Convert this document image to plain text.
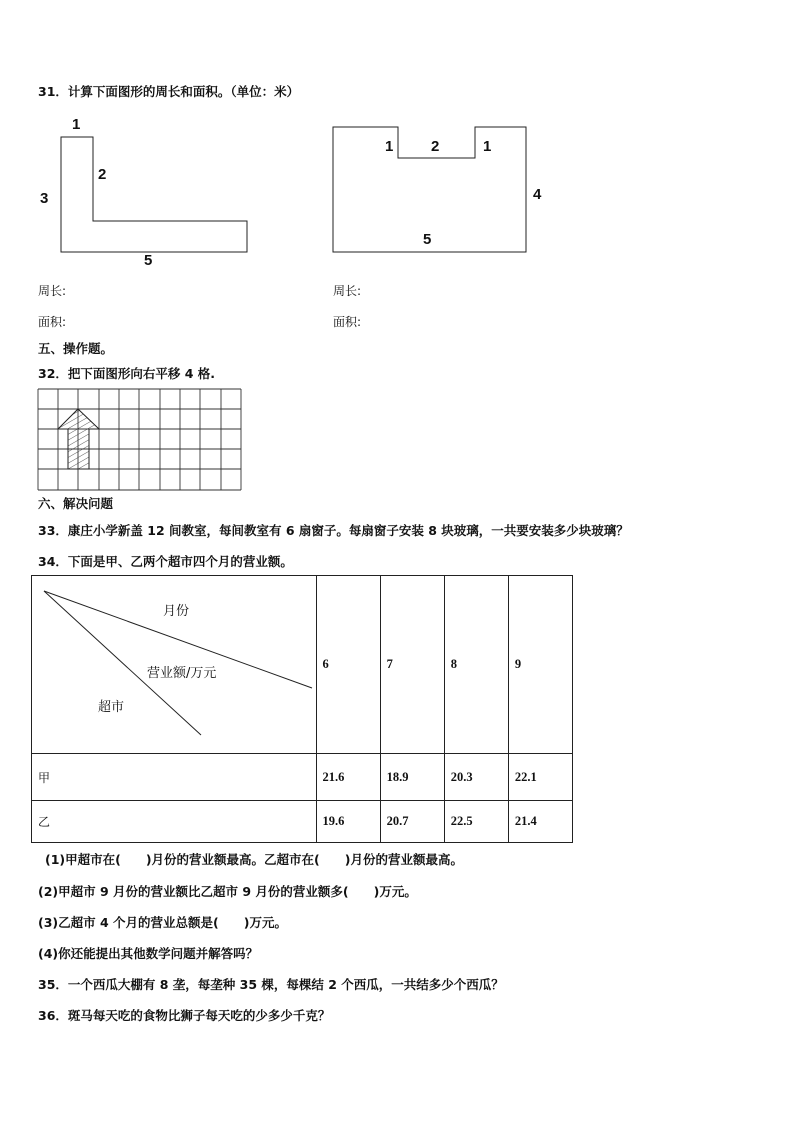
31．计算下面图形的周长和面积。（单位：米）
1
2
3
5
1	2	1
4
5
周长:	周长:
面积:	面积:
五、操作题。
32．把下面图形向右平移 4 格.
六、解决问题
33．康庄小学新盖 12 间教室，每间教室有 6 扇窗子。每扇窗子安装 8 块玻璃，一共要安装多少块玻璃？
34．下面是甲、乙两个超市四个月的营业额。
	6	7	8	9
甲	21.6	18.9	20.3	22.1
乙	19.6	20.7	22.5	21.4
月份
营业额/万元
超市
(1)甲超市在(　　)月份的营业额最高。乙超市在(　　)月份的营业额最高。
(2)甲超市 9 月份的营业额比乙超市 9 月份的营业额多(　　)万元。
(3)乙超市 4 个月的营业总额是(　　)万元。
(4)你还能提出其他数学问题并解答吗？
35．一个西瓜大棚有 8 垄，每垄种 35 棵，每棵结 2 个西瓜，一共结多少个西瓜？
36．斑马每天吃的食物比狮子每天吃的少多少千克？
